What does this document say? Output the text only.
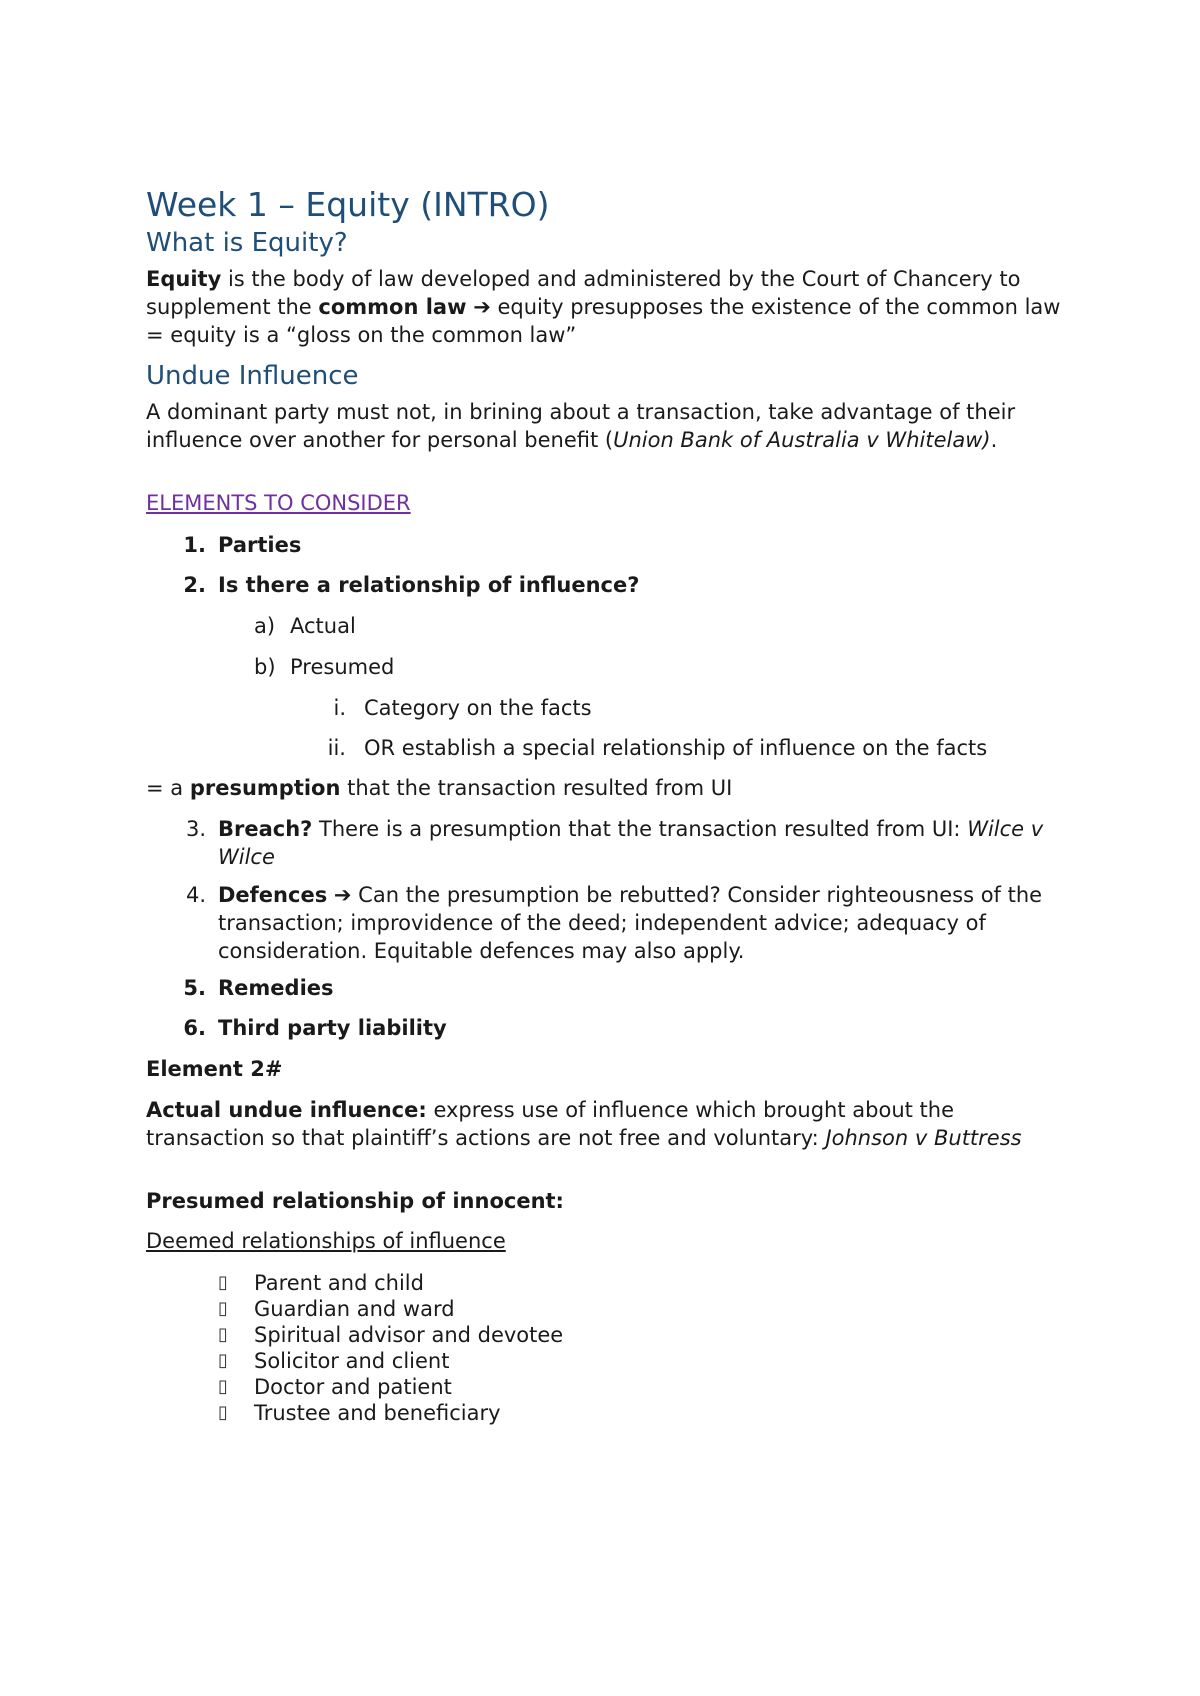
Week 1 – Equity (INTRO)
What is Equity?

Equity is the body of law developed and administered by the Court of Chancery to supplement the common law ➔ equity presupposes the existence of the common law = equity is a “gloss on the common law”

Undue Influence

A dominant party must not, in brining about a transaction, take advantage of their influence over another for personal benefit (Union Bank of Australia v Whitelaw).

ELEMENTS TO CONSIDER

1. Parties
2. Is there a relationship of influence?
a) Actual
b) Presumed
i. Category on the facts
ii. OR establish a special relationship of influence on the facts

= a presumption that the transaction resulted from UI

3. Breach? There is a presumption that the transaction resulted from UI: Wilce v Wilce
4. Defences ➔ Can the presumption be rebutted? Consider righteousness of the transaction; improvidence of the deed; independent advice; adequacy of consideration. Equitable defences may also apply.
5. Remedies
6. Third party liability

Element 2#

Actual undue influence: express use of influence which brought about the transaction so that plaintiff’s actions are not free and voluntary: Johnson v Buttress

Presumed relationship of innocent:

Deemed relationships of influence

▯	Parent and child
▯	Guardian and ward
▯	Spiritual advisor and devotee
▯	Solicitor and client
▯	Doctor and patient
▯	Trustee and beneficiary
